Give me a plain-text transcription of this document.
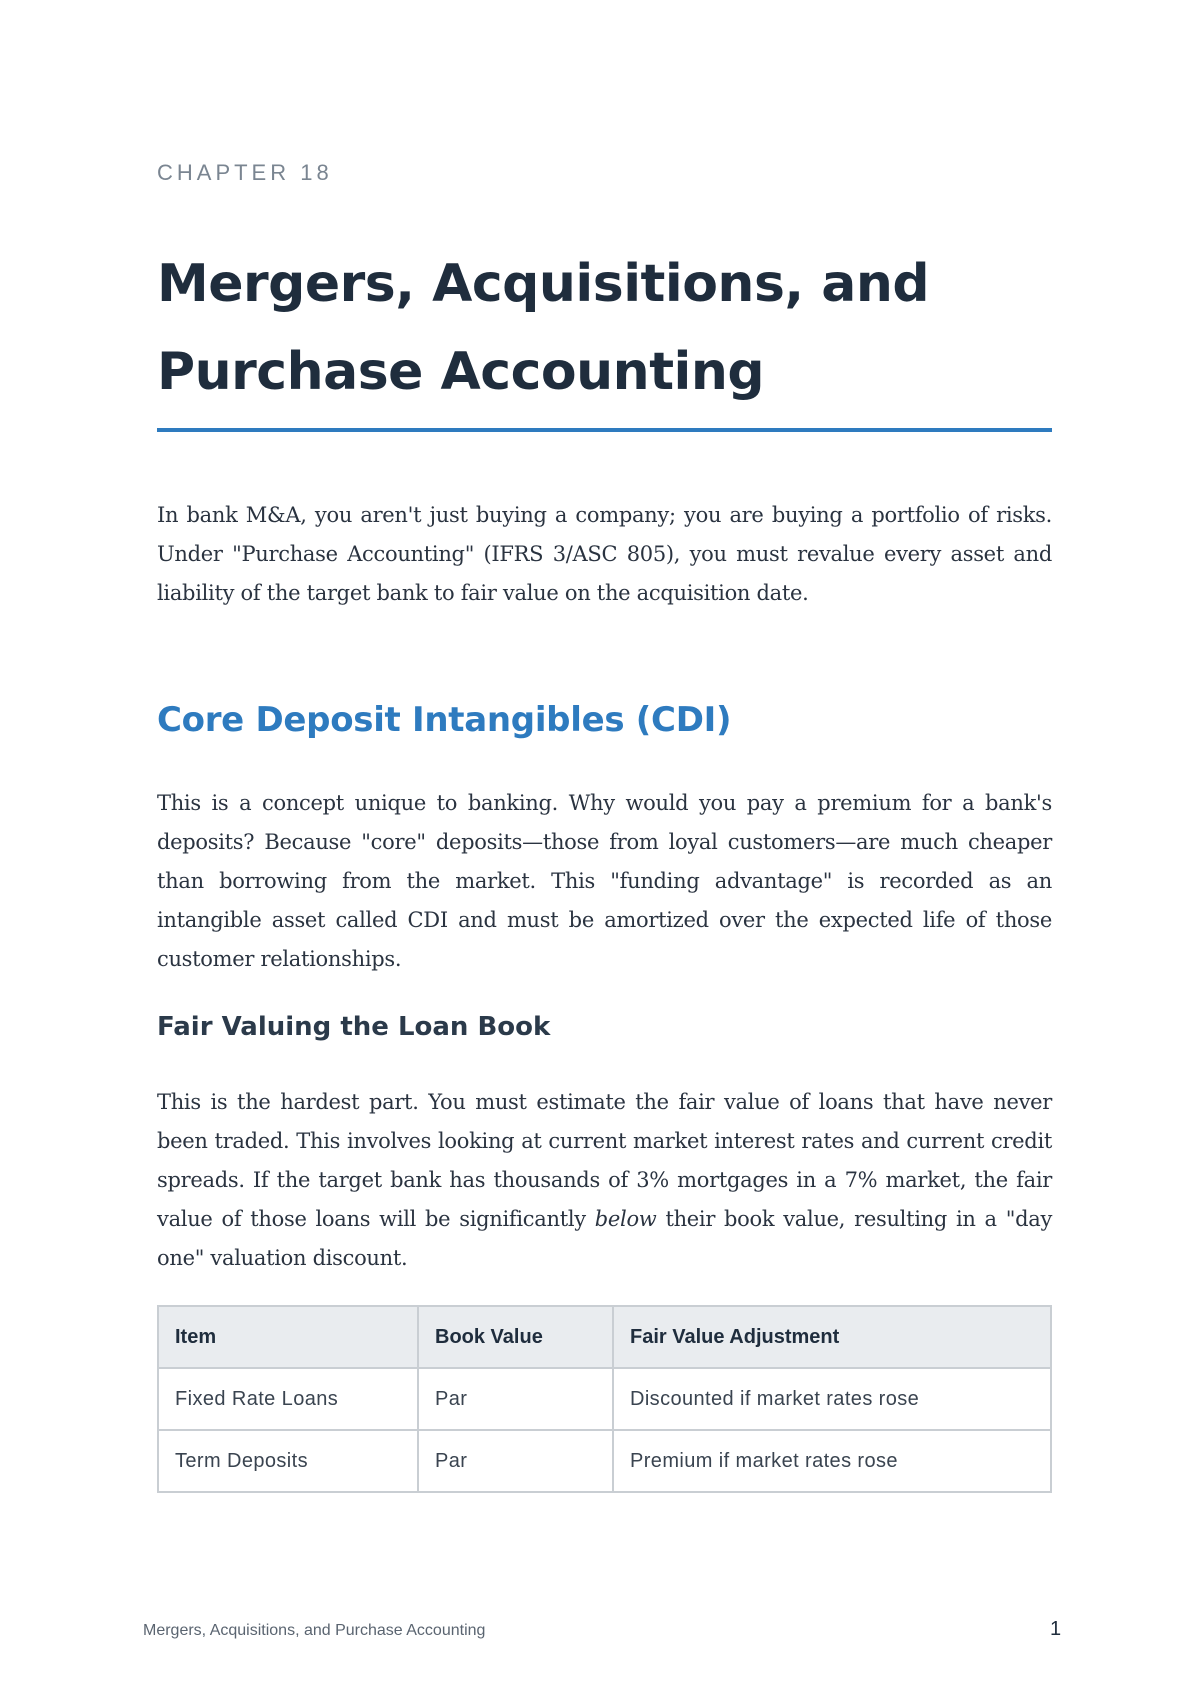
CHAPTER 18
Mergers, Acquisitions, and
Purchase Accounting

In bank M&A, you aren't just buying a company; you are buying a portfolio of risks. Under "Purchase Accounting" (IFRS 3/ASC 805), you must revalue every asset and liability of the target bank to fair value on the acquisition date.

Core Deposit Intangibles (CDI)

This is a concept unique to banking. Why would you pay a premium for a bank's deposits? Because "core" deposits—those from loyal customers—are much cheaper than borrowing from the market. This "funding advantage" is recorded as an intangible asset called CDI and must be amortized over the expected life of those customer relationships.

Fair Valuing the Loan Book

This is the hardest part. You must estimate the fair value of loans that have never been traded. This involves looking at current market interest rates and current credit spreads. If the target bank has thousands of 3% mortgages in a 7% market, the fair value of those loans will be significantly below their book value, resulting in a "day one" valuation discount.

Item	Book Value	Fair Value Adjustment
Fixed Rate Loans	Par	Discounted if market rates rose
Term Deposits	Par	Premium if market rates rose
Mergers, Acquisitions, and Purchase Accounting	1
